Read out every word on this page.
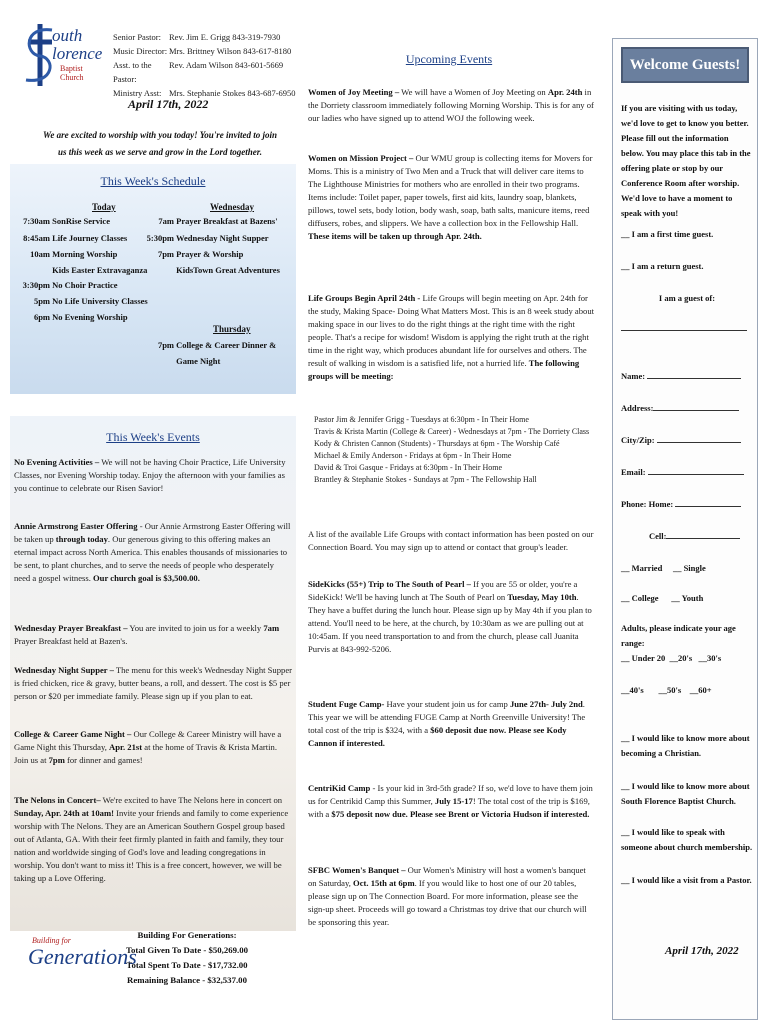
outh
lorence
Baptist Church
Senior Pastor: Rev. Jim E. Grigg 843-319-7930
Music Director: Mrs. Brittney Wilson 843-617-8180
Asst. to the Pastor:
Rev. Adam Wilson 843-601-5669
Ministry Asst: Mrs. Stephanie Stokes 843-687-6950
April 17th, 2022
We are excited to worship with you today! You're invited to join us this week as we serve and grow in the Lord together.
This Week's Schedule
Today
7:30am SonRise Service
8:45am Life Journey Classes
10am Morning Worship
Kids Easter Extravaganza
3:30pm No Choir Practice
5pm No Life University Classes
6pm No Evening Worship
Wednesday
7am Prayer Breakfast at Bazens'
5:30pm Wednesday Night Supper
7pm Prayer & Worship
KidsTown Great Adventures
Thursday
7pm College & Career Dinner &
Game Night
This Week's Events
No Evening Activities – We will not be having Choir Practice, Life University Classes, nor Evening Worship today. Enjoy the afternoon with your families as you continue to celebrate our Risen Savior!
Annie Armstrong Easter Offering - Our Annie Armstrong Easter Offering will be taken up through today. Our generous giving to this offering makes an eternal impact across North America. This enables thousands of missionaries to be sent, to plant churches, and to serve the needs of people who desperately need a gospel witness. Our church goal is $3,500.00.
Wednesday Prayer Breakfast – You are invited to join us for a weekly 7am Prayer Breakfast held at Bazen's.
Wednesday Night Supper – The menu for this week's Wednesday Night Supper is fried chicken, rice & gravy, butter beans, a roll, and dessert. The cost is $5 per person or $20 per immediate family. Please sign up if you plan to eat.
College & Career Game Night – Our College & Career Ministry will have a Game Night this Thursday, Apr. 21st at the home of Travis & Krista Martin. Join us at 7pm for dinner and games!
The Nelons in Concert– We're excited to have The Nelons here in concert on Sunday, Apr. 24th at 10am! Invite your friends and family to come experience worship with The Nelons. They are an American Southern Gospel group based out of Atlanta, GA. With their feet firmly planted in faith and family, they tour nation and worldwide singing of God's love and leading congregations in worship. You don't want to miss it! This is a free concert, however, we will be taking up a Love Offering.
Building for
Generations
Building For Generations:
Total Given To Date - $50,269.00
Total Spent To Date - $17,732.00
Remaining Balance - $32,537.00
Upcoming Events
Women of Joy Meeting – We will have a Women of Joy Meeting on Apr. 24th in the Dorriety classroom immediately following Morning Worship. This is for any of our ladies who have signed up to attend WOJ the following week.
Women on Mission Project – Our WMU group is collecting items for Movers for Moms. This is a ministry of Two Men and a Truck that will deliver care items to The Lighthouse Ministries for mothers who are enrolled in their two programs. Items include: Toilet paper, paper towels, first aid kits, laundry soap, blankets, pillows, towel sets, body lotion, body wash, soap, bath salts, manicure items, reed diffusers, robes, and slippers. We have a collection box in the Fellowship Hall. These items will be taken up through Apr. 24th.
Life Groups Begin April 24th - Life Groups will begin meeting on Apr. 24th for the study, Making Space- Doing What Matters Most. This is an 8 week study about making space in our lives to do the right things at the right time with the right people. That's a recipe for wisdom! Wisdom is applying the right truth at the right time in the right way, which produces abundant life for ourselves and others. The result of walking in wisdom is a satisfied life, not a hurried life. The following groups will be meeting:
Pastor Jim & Jennifer Grigg - Tuesdays at 6:30pm - In Their Home
Travis & Krista Martin (College & Career) - Wednesdays at 7pm - The Dorriety Class
Kody & Christen Cannon (Students) - Thursdays at 6pm - The Worship Café
Michael & Emily Anderson - Fridays at 6pm - In Their Home
David & Troi Gasque - Fridays at 6:30pm - In Their Home
Brantley & Stephanie Stokes - Sundays at 7pm - The Fellowship Hall
A list of the available Life Groups with contact information has been posted on our Connection Board. You may sign up to attend or contact that group's leader.
SideKicks (55+) Trip to The South of Pearl – If you are 55 or older, you're a SideKick! We'll be having lunch at The South of Pearl on Tuesday, May 10th. They have a buffet during the lunch hour. Please sign up by May 4th if you plan to attend. You'll need to be here, at the church, by 10:30am as we are pulling out at 10:45am. If you need transportation to and from the church, please call Juanita Purvis at 843-992-5206.
Student Fuge Camp- Have your student join us for camp June 27th- July 2nd. This year we will be attending FUGE Camp at North Greenville University! The total cost of the trip is $324, with a $60 deposit due now. Please see Kody Cannon if interested.
CentriKid Camp - Is your kid in 3rd-5th grade? If so, we'd love to have them join us for Centrikid Camp this Summer, July 15-17! The total cost of the trip is $169, with a $75 deposit now due. Please see Brent or Victoria Hudson if interested.
SFBC Women's Banquet – Our Women's Ministry will host a women's banquet on Saturday, Oct. 15th at 6pm. If you would like to host one of our 20 tables, please sign up on The Connection Board. For more information, please see the sign-up sheet. Proceeds will go toward a Christmas toy drive that our church will be sponsoring this year.
Welcome Guests!
If you are visiting with us today, we'd love to get to know you better. Please fill out the information below. You may place this tab in the offering plate or stop by our Conference Room after worship. We'd love to have a moment to speak with you!
__ I am a first time guest.
__ I am a return guest.
I am a guest of:
Name:
Address:
City/Zip:
Email:
Phone: Home:
Cell:
__ Married __ Single
__ College __ Youth
Adults, please indicate your age range:
__ Under 20 __20's __30's
__40's __50's __60+
__ I would like to know more about becoming a Christian.
__ I would like to know more about South Florence Baptist Church.
__ I would like to speak with someone about church membership.
__ I would like a visit from a Pastor.
April 17th, 2022
